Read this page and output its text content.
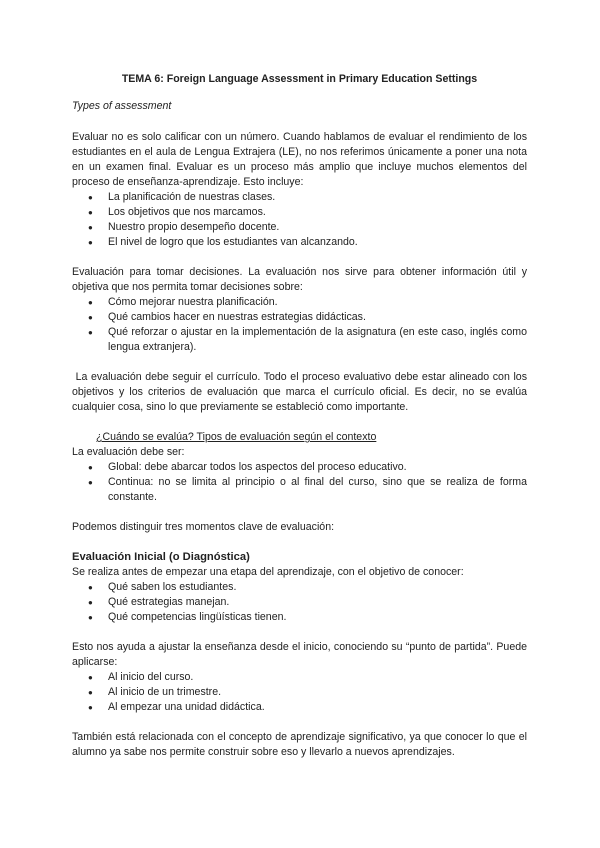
TEMA 6: Foreign Language Assessment in Primary Education Settings

Types of assessment

Evaluar no es solo calificar con un número. Cuando hablamos de evaluar el rendimiento de los estudiantes en el aula de Lengua Extrajera (LE), no nos referimos únicamente a poner una nota en un examen final. Evaluar es un proceso más amplio que incluye muchos elementos del proceso de enseñanza-aprendizaje. Esto incluye:

● La planificación de nuestras clases.
● Los objetivos que nos marcamos.
● Nuestro propio desempeño docente.
● El nivel de logro que los estudiantes van alcanzando.

Evaluación para tomar decisiones. La evaluación nos sirve para obtener información útil y objetiva que nos permita tomar decisiones sobre:

● Cómo mejorar nuestra planificación.
● Qué cambios hacer en nuestras estrategias didácticas.
● Qué reforzar o ajustar en la implementación de la asignatura (en este caso, inglés como lengua extranjera).

La evaluación debe seguir el currículo. Todo el proceso evaluativo debe estar alineado con los objetivos y los criterios de evaluación que marca el currículo oficial. Es decir, no se evalúa cualquier cosa, sino lo que previamente se estableció como importante.

¿Cuándo se evalúa? Tipos de evaluación según el contexto

La evaluación debe ser:

● Global: debe abarcar todos los aspectos del proceso educativo.
● Continua: no se limita al principio o al final del curso, sino que se realiza de forma constante.

Podemos distinguir tres momentos clave de evaluación:

Evaluación Inicial (o Diagnóstica)

Se realiza antes de empezar una etapa del aprendizaje, con el objetivo de conocer:

● Qué saben los estudiantes.
● Qué estrategias manejan.
● Qué competencias lingüísticas tienen.

Esto nos ayuda a ajustar la enseñanza desde el inicio, conociendo su “punto de partida”. Puede aplicarse:

● Al inicio del curso.
● Al inicio de un trimestre.
● Al empezar una unidad didáctica.

También está relacionada con el concepto de aprendizaje significativo, ya que conocer lo que el alumno ya sabe nos permite construir sobre eso y llevarlo a nuevos aprendizajes.
